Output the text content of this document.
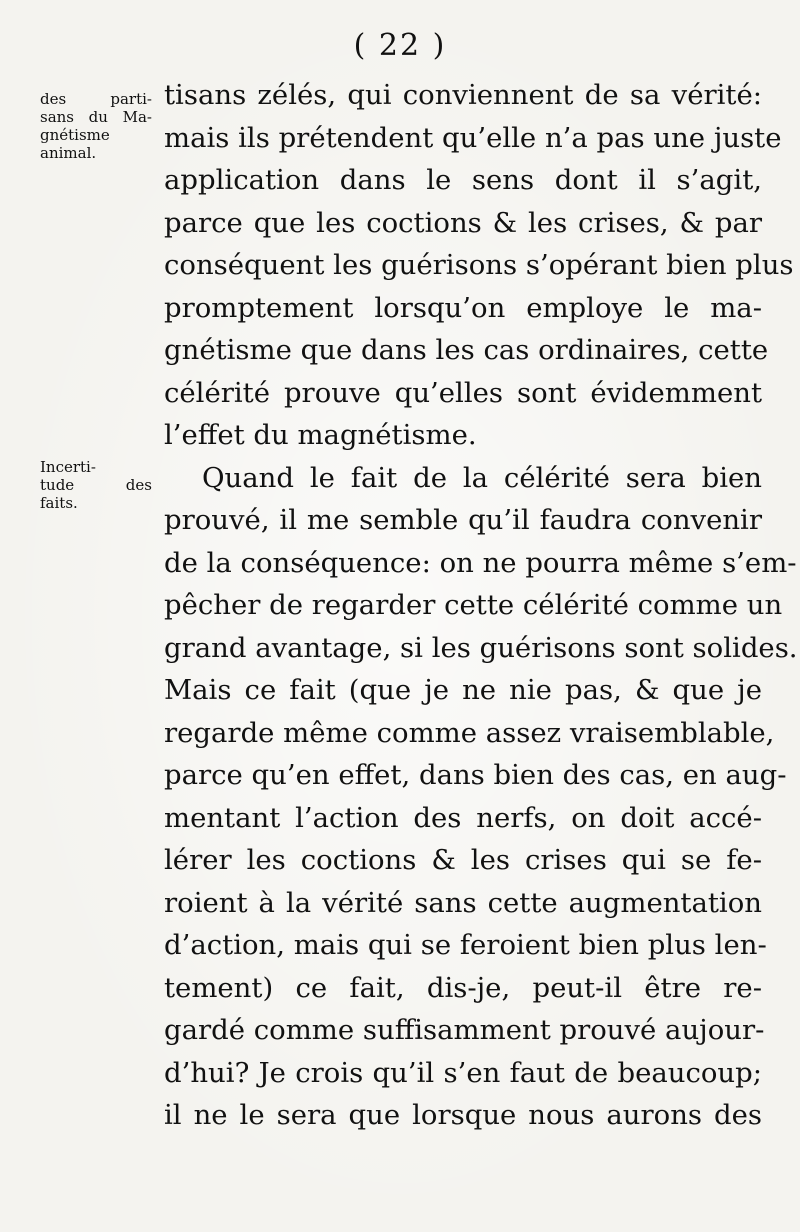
( 22 )
des parti-
sans du Ma-
gnétisme
animal.
Incerti-
tude des
faits.
tisans zélés, qui conviennent de sa vérité:
mais ils prétendent qu’elle n’a pas une juste
application dans le sens dont il s’agit,
parce que les coctions & les crises, & par
conséquent les guérisons s’opérant bien plus
promptement lorsqu’on employe le ma-
gnétisme que dans les cas ordinaires, cette
célérité prouve qu’elles sont évidemment
l’effet du magnétisme.
Quand le fait de la célérité sera bien
prouvé, il me semble qu’il faudra convenir
de la conséquence: on ne pourra même s’em-
pêcher de regarder cette célérité comme un
grand avantage, si les guérisons sont solides.
Mais ce fait (que je ne nie pas, & que je
regarde même comme assez vraisemblable,
parce qu’en effet, dans bien des cas, en aug-
mentant l’action des nerfs, on doit accé-
lérer les coctions & les crises qui se fe-
roient à la vérité sans cette augmentation
d’action, mais qui se feroient bien plus len-
tement) ce fait, dis-je, peut-il être re-
gardé comme suffisamment prouvé aujour-
d’hui? Je crois qu’il s’en faut de beaucoup;
il ne le sera que lorsque nous aurons des
